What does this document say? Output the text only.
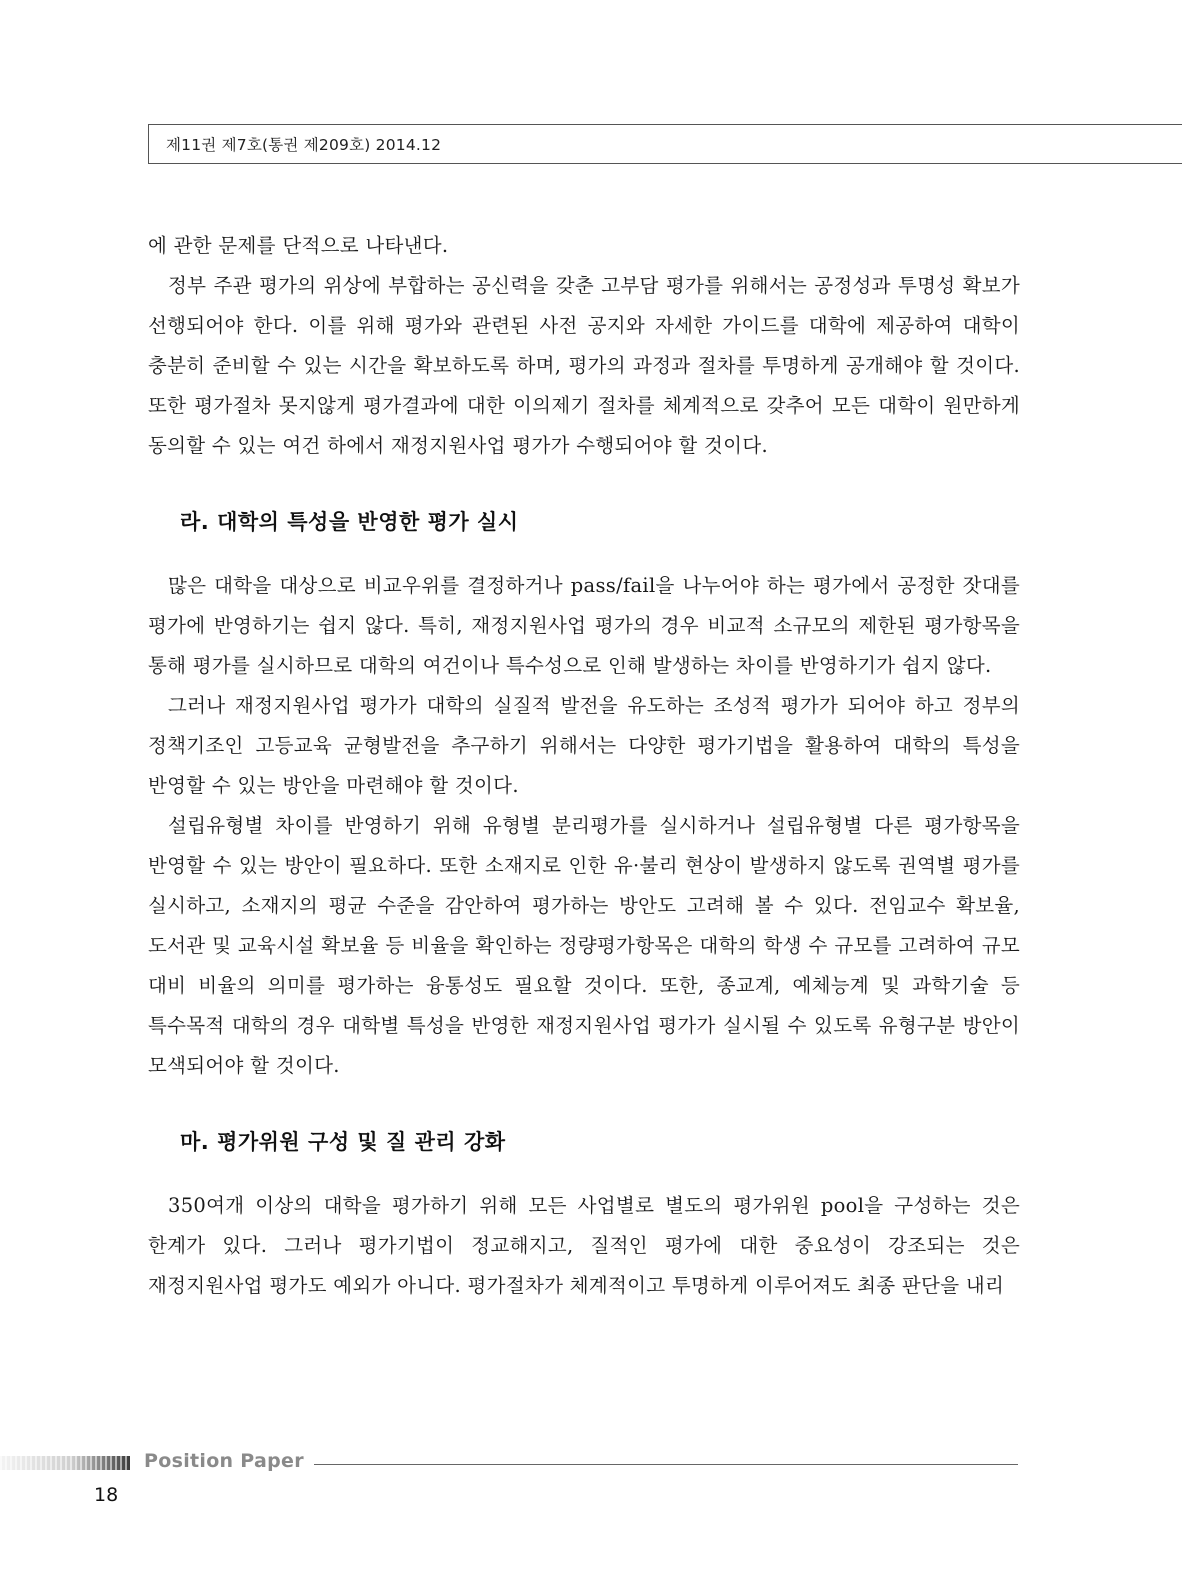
제11권 제7호(통권 제209호) 2014.12

에 관한 문제를 단적으로 나타낸다.

정부 주관 평가의 위상에 부합하는 공신력을 갖춘 고부담 평가를 위해서는 공정성과 투명성 확보가 선행되어야 한다. 이를 위해 평가와 관련된 사전 공지와 자세한 가이드를 대학에 제공하여 대학이 충분히 준비할 수 있는 시간을 확보하도록 하며, 평가의 과정과 절차를 투명하게 공개해야 할 것이다. 또한 평가절차 못지않게 평가결과에 대한 이의제기 절차를 체계적으로 갖추어 모든 대학이 원만하게 동의할 수 있는 여건 하에서 재정지원사업 평가가 수행되어야 할 것이다.

라. 대학의 특성을 반영한 평가 실시

많은 대학을 대상으로 비교우위를 결정하거나 pass/fail을 나누어야 하는 평가에서 공정한 잣대를 평가에 반영하기는 쉽지 않다. 특히, 재정지원사업 평가의 경우 비교적 소규모의 제한된 평가항목을 통해 평가를 실시하므로 대학의 여건이나 특수성으로 인해 발생하는 차이를 반영하기가 쉽지 않다.

그러나 재정지원사업 평가가 대학의 실질적 발전을 유도하는 조성적 평가가 되어야 하고 정부의 정책기조인 고등교육 균형발전을 추구하기 위해서는 다양한 평가기법을 활용하여 대학의 특성을 반영할 수 있는 방안을 마련해야 할 것이다.

설립유형별 차이를 반영하기 위해 유형별 분리평가를 실시하거나 설립유형별 다른 평가항목을 반영할 수 있는 방안이 필요하다. 또한 소재지로 인한 유·불리 현상이 발생하지 않도록 권역별 평가를 실시하고, 소재지의 평균 수준을 감안하여 평가하는 방안도 고려해 볼 수 있다. 전임교수 확보율, 도서관 및 교육시설 확보율 등 비율을 확인하는 정량평가항목은 대학의 학생 수 규모를 고려하여 규모 대비 비율의 의미를 평가하는 융통성도 필요할 것이다. 또한, 종교계, 예체능계 및 과학기술 등 특수목적 대학의 경우 대학별 특성을 반영한 재정지원사업 평가가 실시될 수 있도록 유형구분 방안이 모색되어야 할 것이다.

마. 평가위원 구성 및 질 관리 강화

350여개 이상의 대학을 평가하기 위해 모든 사업별로 별도의 평가위원 pool을 구성하는 것은 한계가 있다. 그러나 평가기법이 정교해지고, 질적인 평가에 대한 중요성이 강조되는 것은 재정지원사업 평가도 예외가 아니다. 평가절차가 체계적이고 투명하게 이루어져도 최종 판단을 내리

Position Paper
18
